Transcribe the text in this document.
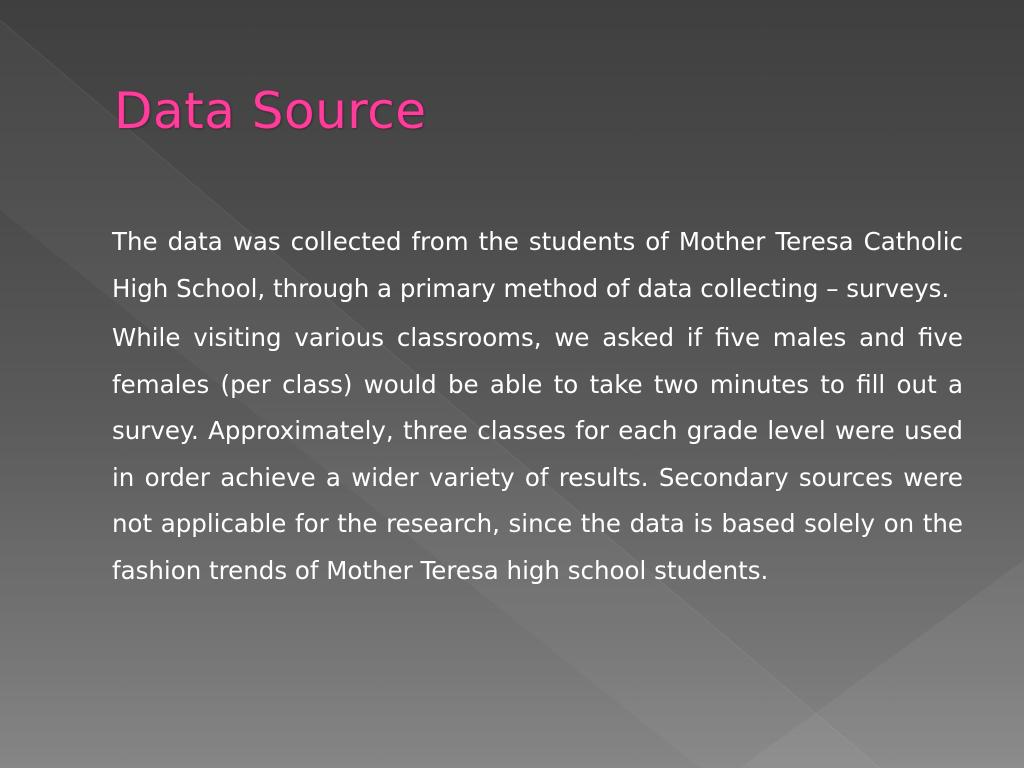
Data Source

The data was collected from the students of Mother Teresa Catholic High School, through a primary method of data collecting – surveys.

While visiting various classrooms, we asked if five males and five females (per class) would be able to take two minutes to fill out a survey. Approximately, three classes for each grade level were used in order achieve a wider variety of results. Secondary sources were not applicable for the research, since the data is based solely on the fashion trends of Mother Teresa high school students.
